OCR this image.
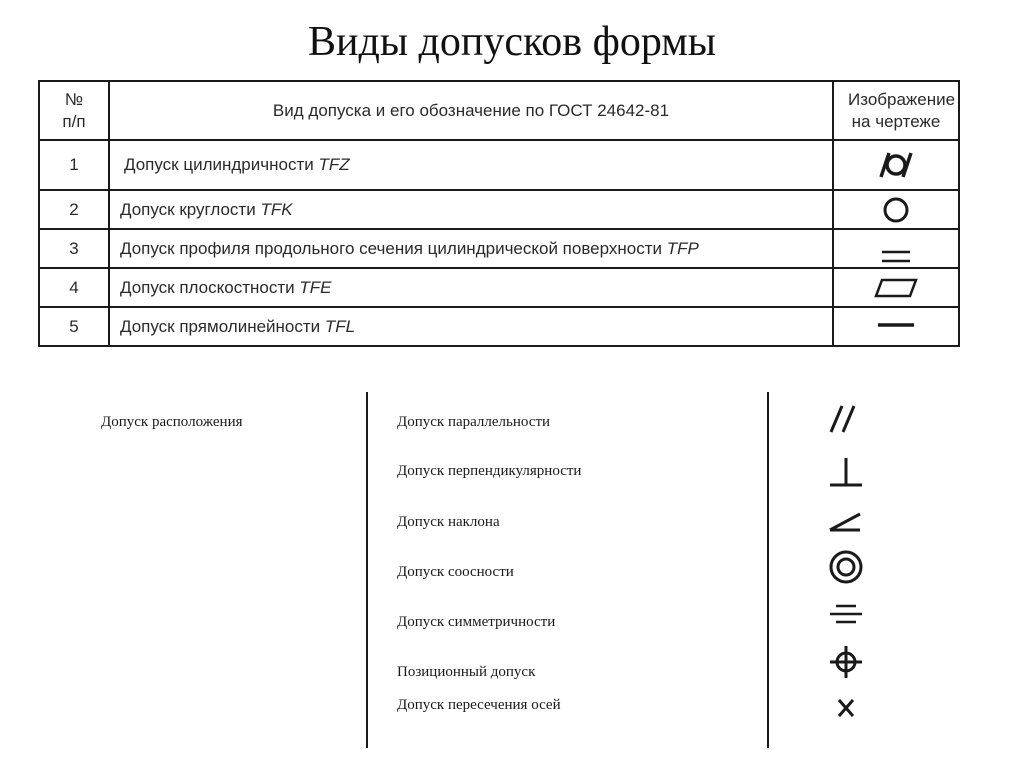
Виды допусков формы
№ п/п	Вид допуска и его обозначение по ГОСТ 24642-81	Изображение на чертеже
1	Допуск цилиндричности TFZ	

2	Допуск круглости TFK	

3	Допуск профиля продольного сечения цилиндрической поверхности TFP	

4	Допуск плоскостности TFE	

5	Допуск прямолинейности TFL	
Допуск расположения	Допуск параллельности
Допуск перпендикулярности
Допуск наклона
Допуск соосности
Допуск симметричности
Позиционный допуск
Допуск пересечения осей
